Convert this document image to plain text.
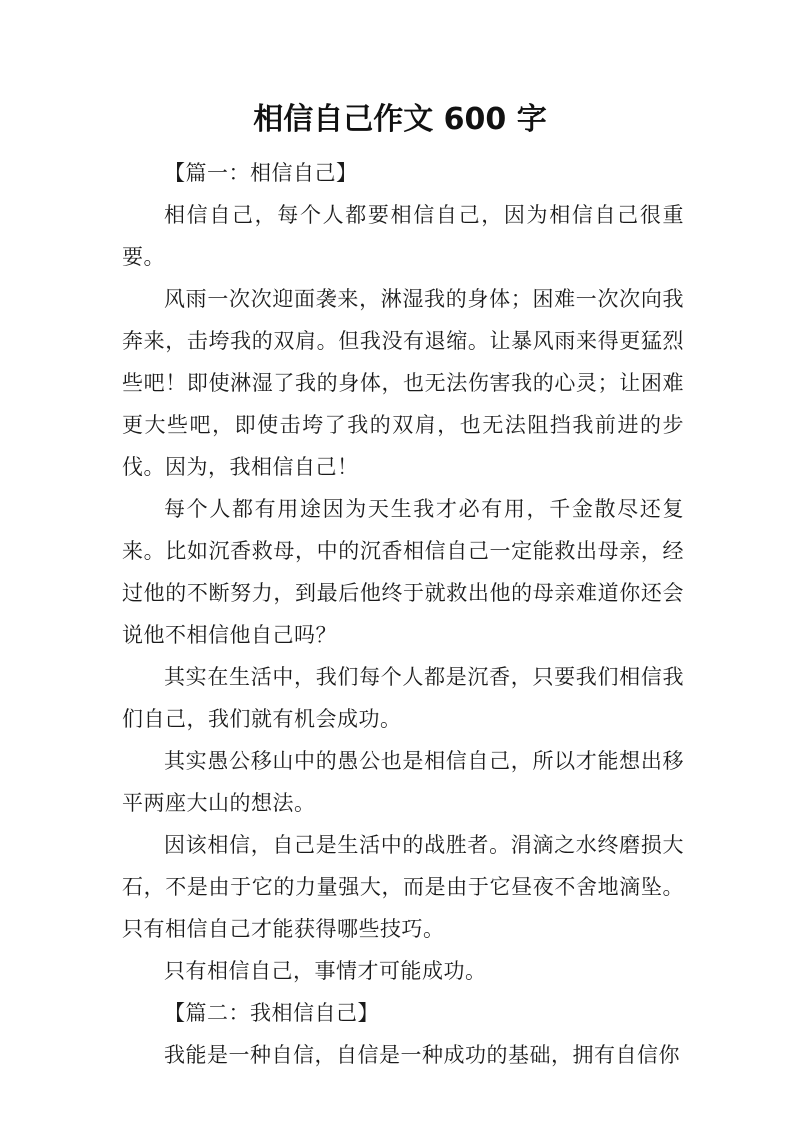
相信自己作文 600 字

【篇一：相信自己】

相信自己，每个人都要相信自己，因为相信自己很重要。

风雨一次次迎面袭来，淋湿我的身体；困难一次次向我奔来，击垮我的双肩。但我没有退缩。让暴风雨来得更猛烈些吧！即使淋湿了我的身体，也无法伤害我的心灵；让困难更大些吧，即使击垮了我的双肩，也无法阻挡我前进的步伐。因为，我相信自己！

每个人都有用途因为天生我才必有用，千金散尽还复来。比如沉香救母，中的沉香相信自己一定能救出母亲，经过他的不断努力，到最后他终于就救出他的母亲难道你还会说他不相信他自己吗？

其实在生活中，我们每个人都是沉香，只要我们相信我们自己，我们就有机会成功。

其实愚公移山中的愚公也是相信自己，所以才能想出移平两座大山的想法。

因该相信，自己是生活中的战胜者。涓滴之水终磨损大石，不是由于它的力量强大，而是由于它昼夜不舍地滴坠。只有相信自己才能获得哪些技巧。

只有相信自己，事情才可能成功。

【篇二：我相信自己】

我能是一种自信，自信是一种成功的基础，拥有自信你
